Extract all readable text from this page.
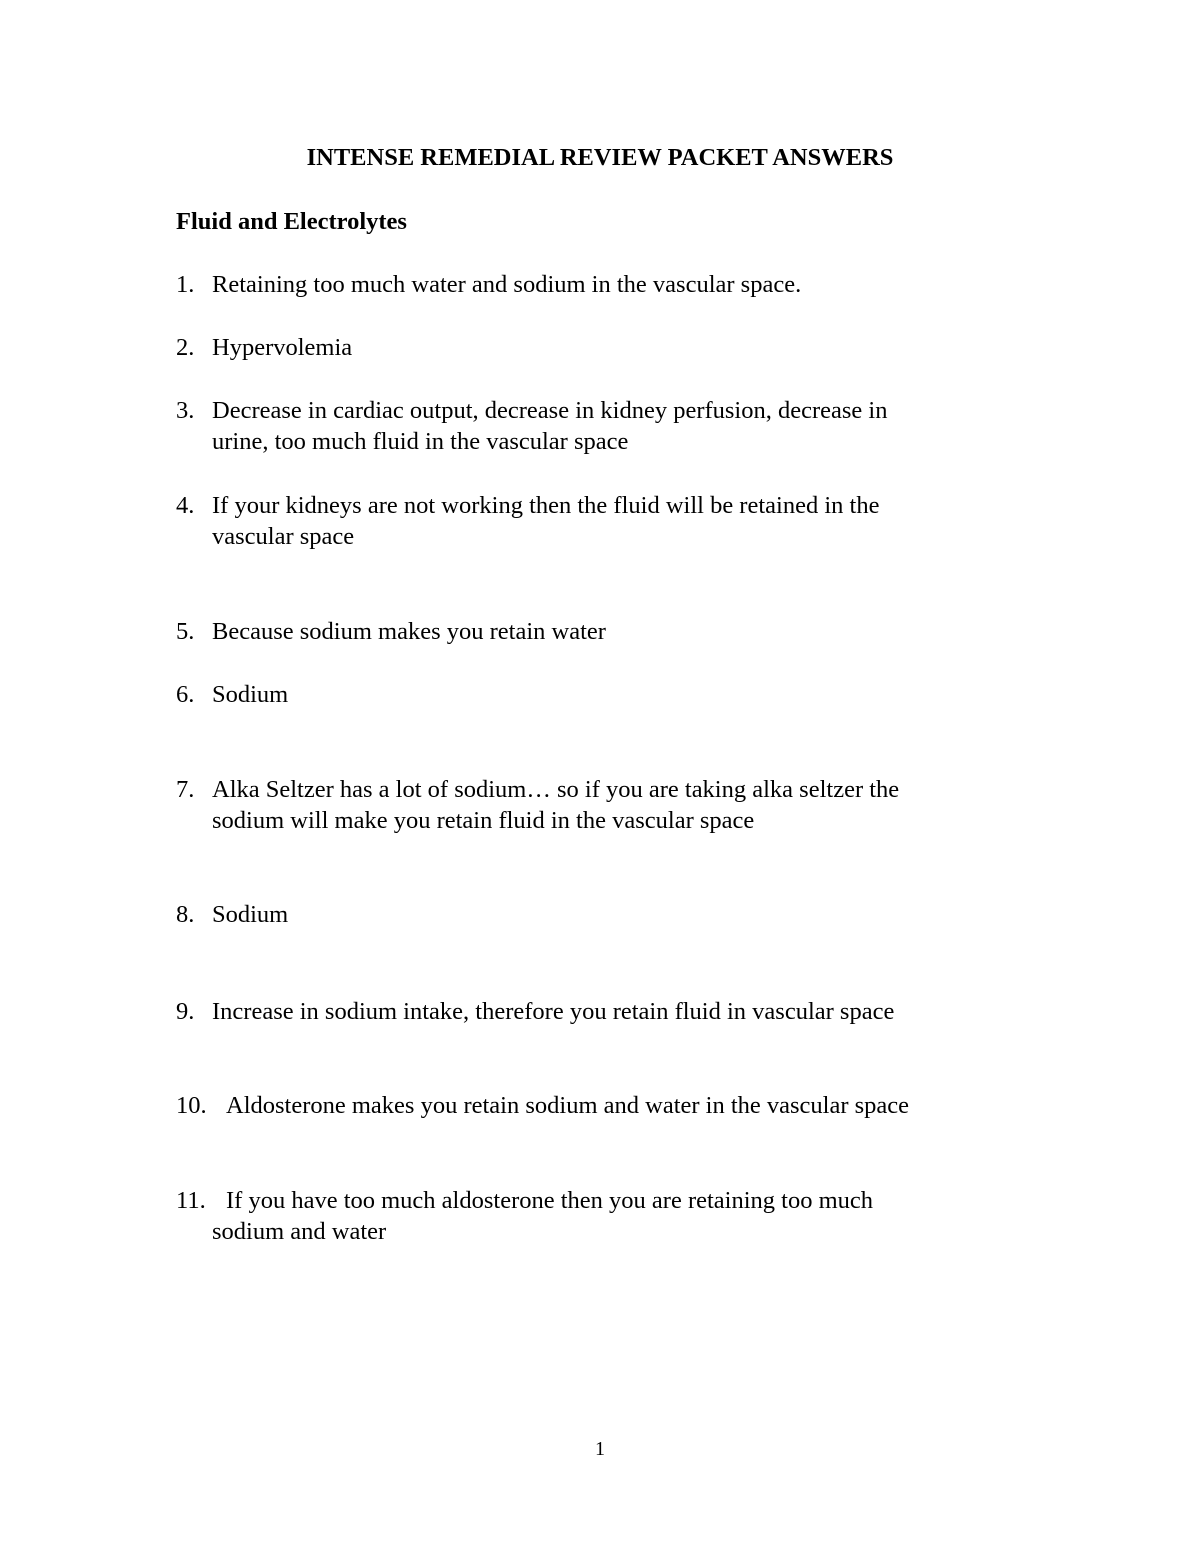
INTENSE REMEDIAL REVIEW PACKET ANSWERS
Fluid and Electrolytes
1. Retaining too much water and sodium in the vascular space.
2. Hypervolemia
3. Decrease in cardiac output, decrease in kidney perfusion, decrease in
urine, too much fluid in the vascular space
4. If your kidneys are not working then the fluid will be retained in the
vascular space
5. Because sodium makes you retain water
6. Sodium
7. Alka Seltzer has a lot of sodium… so if you are taking alka seltzer the
sodium will make you retain fluid in the vascular space
8. Sodium
9. Increase in sodium intake, therefore you retain fluid in vascular space
10. Aldosterone makes you retain sodium and water in the vascular space
11. If you have too much aldosterone then you are retaining too much
sodium and water
1
